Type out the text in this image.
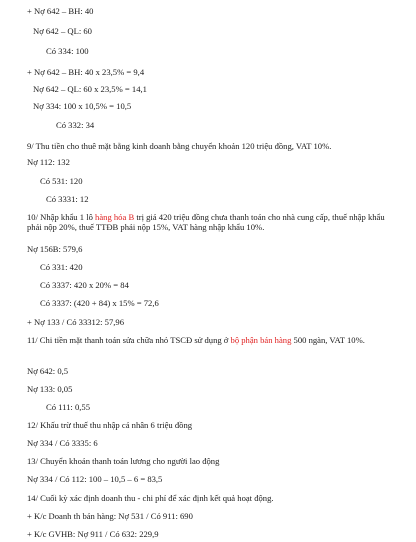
+ Nợ 642 – BH: 40
Nợ 642 – QL: 60
Có 334: 100
+ Nợ 642 – BH: 40 x 23,5% = 9,4
Nợ 642 – QL: 60 x 23,5% = 14,1
Nợ 334: 100 x 10,5% = 10,5
Có 332: 34
9/ Thu tiền cho thuê mặt bằng kinh doanh bằng chuyển khoản 120 triệu đồng, VAT 10%.
Nợ 112: 132
Có 531: 120
Có 3331: 12
10/ Nhập khẩu 1 lô hàng hóa B trị giá 420 triệu đồng chưa thanh toán cho nhà cung cấp, thuế nhập khẩu phải nộp 20%, thuế TTĐB phải nộp 15%, VAT hàng nhập khẩu 10%.
Nợ 156B: 579,6
Có 331: 420
Có 3337: 420 x 20% = 84
Có 3337: (420 + 84) x 15% = 72,6
+ Nợ 133 / Có 33312: 57,96
11/ Chi tiền mặt thanh toán sửa chữa nhỏ TSCĐ sử dụng ở bộ phận bán hàng 500 ngàn, VAT 10%.
Nợ 642: 0,5
Nợ 133: 0,05
Có 111: 0,55
12/ Khấu trừ thuế thu nhập cá nhân 6 triệu đồng
Nợ 334 / Có 3335: 6
13/ Chuyển khoản thanh toán lương cho người lao động
Nợ 334 / Có 112: 100 – 10,5 – 6 = 83,5
14/ Cuối kỳ xác định doanh thu - chi phí để xác định kết quả hoạt động.
+ K/c Doanh th bán hàng: Nợ 531 / Có 911: 690
+ K/c GVHB: Nợ 911 / Có 632: 229,9
